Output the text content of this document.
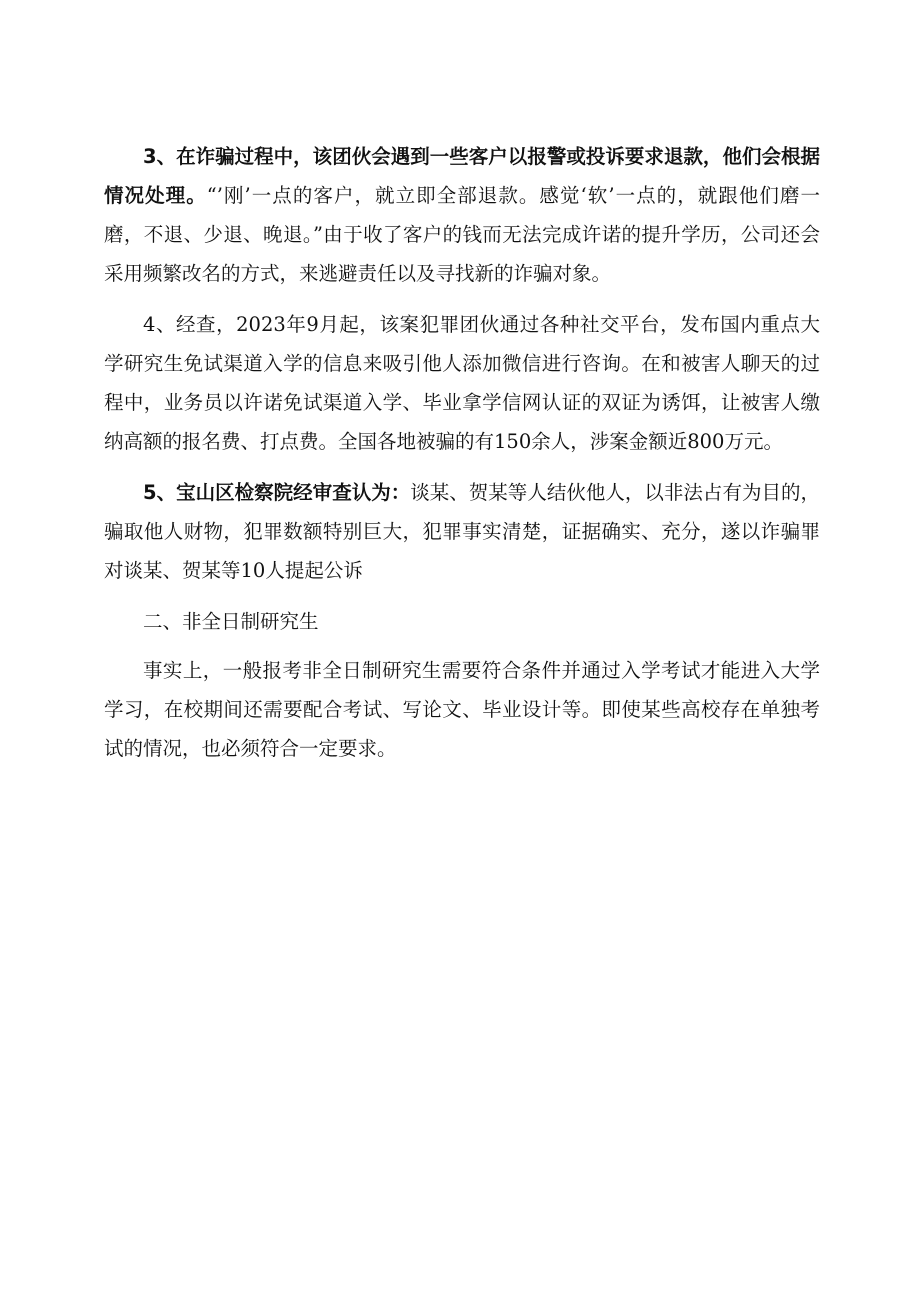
3、在诈骗过程中，该团伙会遇到一些客户以报警或投诉要求退款，他们会根据情况处理。“’刚’一点的客户，就立即全部退款。感觉‘软’一点的，就跟他们磨一磨，不退、少退、晚退。”由于收了客户的钱而无法完成许诺的提升学历，公司还会采用频繁改名的方式，来逃避责任以及寻找新的诈骗对象。

4、经查，2023年9月起，该案犯罪团伙通过各种社交平台，发布国内重点大学研究生免试渠道入学的信息来吸引他人添加微信进行咨询。在和被害人聊天的过程中，业务员以许诺免试渠道入学、毕业拿学信网认证的双证为诱饵，让被害人缴纳高额的报名费、打点费。全国各地被骗的有150余人，涉案金额近800万元。

5、宝山区检察院经审查认为：谈某、贺某等人结伙他人，以非法占有为目的，骗取他人财物，犯罪数额特别巨大，犯罪事实清楚，证据确实、充分，遂以诈骗罪对谈某、贺某等10人提起公诉

二、非全日制研究生

事实上，一般报考非全日制研究生需要符合条件并通过入学考试才能进入大学学习，在校期间还需要配合考试、写论文、毕业设计等。即使某些高校存在单独考试的情况，也必须符合一定要求。
